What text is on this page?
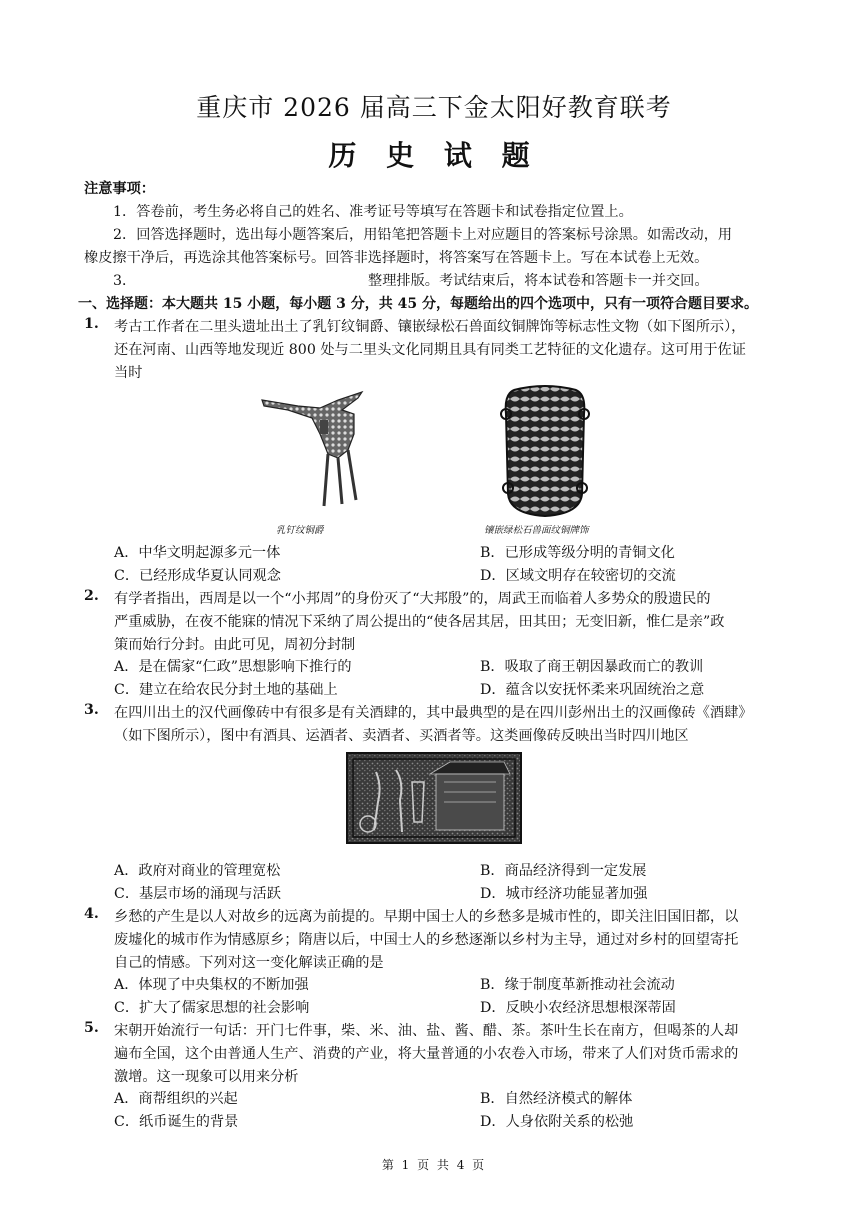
重庆市 2026 届高三下金太阳好教育联考
历 史 试 题
注意事项：
1．答卷前，考生务必将自己的姓名、准考证号等填写在答题卡和试卷指定位置上。
2．回答选择题时，选出每小题答案后，用铅笔把答题卡上对应题目的答案标号涂黑。如需改动，用
橡皮擦干净后，再选涂其他答案标号。回答非选择题时，将答案写在答题卡上。写在本试卷上无效。
3．	整理排版。考试结束后，将本试卷和答题卡一并交回。
一、选择题：本大题共 15 小题，每小题 3 分，共 45 分，每题给出的四个选项中，只有一项符合题目要求。
1. 考古工作者在二里头遗址出土了乳钉纹铜爵、镶嵌绿松石兽面纹铜牌饰等标志性文物（如下图所示），
还在河南、山西等地发现近 800 处与二里头文化同期且具有同类工艺特征的文化遗存。这可用于佐证
当时
乳钉纹铜爵	镶嵌绿松石兽面纹铜牌饰
A．中华文明起源多元一体	B．已形成等级分明的青铜文化
C．已经形成华夏认同观念	D．区域文明存在较密切的交流
2. 有学者指出，西周是以一个“小邦周”的身份灭了“大邦殷”的，周武王而临着人多势众的殷遗民的
严重威胁，在夜不能寐的情况下采纳了周公提出的“使各居其居，田其田；无变旧新，惟仁是亲”政
策而始行分封。由此可见，周初分封制
A．是在儒家“仁政”思想影响下推行的	B．吸取了商王朝因暴政而亡的教训
C．建立在给农民分封土地的基础上	D．蕴含以安抚怀柔来巩固统治之意
3. 在四川出土的汉代画像砖中有很多是有关酒肆的，其中最典型的是在四川彭州出土的汉画像砖《酒肆》
（如下图所示），图中有酒具、运酒者、卖酒者、买酒者等。这类画像砖反映出当时四川地区
A．政府对商业的管理宽松	B．商品经济得到一定发展
C．基层市场的涌现与活跃	D．城市经济功能显著加强
4. 乡愁的产生是以人对故乡的远离为前提的。早期中国士人的乡愁多是城市性的，即关注旧国旧都，以
废墟化的城市作为情感原乡；隋唐以后，中国士人的乡愁逐渐以乡村为主导，通过对乡村的回望寄托
自己的情感。下列对这一变化解读正确的是
A．体现了中央集权的不断加强	B．缘于制度革新推动社会流动
C．扩大了儒家思想的社会影响	D．反映小农经济思想根深蒂固
5. 宋朝开始流行一句话：开门七件事，柴、米、油、盐、酱、醋、茶。茶叶生长在南方，但喝茶的人却
遍布全国，这个由普通人生产、消费的产业，将大量普通的小农卷入市场，带来了人们对货币需求的
激增。这一现象可以用来分析
A．商帮组织的兴起	B．自然经济模式的解体
C．纸币诞生的背景	D．人身依附关系的松弛
第 1 页 共 4 页
